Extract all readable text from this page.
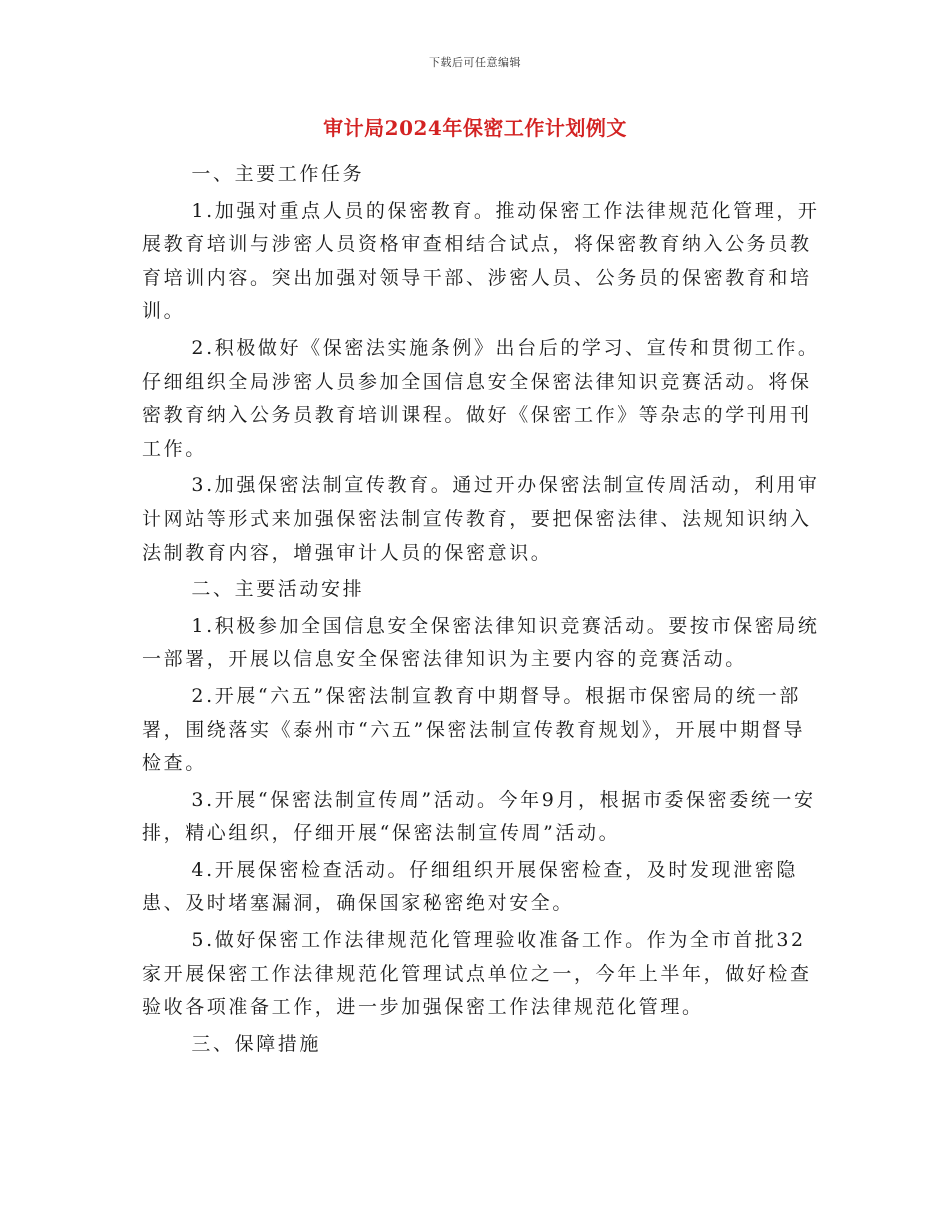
下载后可任意编辑
审计局2024年保密工作计划例文

一、主要工作任务

1.加强对重点人员的保密教育。推动保密工作法律规范化管理，开展教育培训与涉密人员资格审查相结合试点，将保密教育纳入公务员教育培训内容。突出加强对领导干部、涉密人员、公务员的保密教育和培训。

2.积极做好《保密法实施条例》出台后的学习、宣传和贯彻工作。仔细组织全局涉密人员参加全国信息安全保密法律知识竞赛活动。将保密教育纳入公务员教育培训课程。做好《保密工作》等杂志的学刊用刊工作。

3.加强保密法制宣传教育。通过开办保密法制宣传周活动，利用审计网站等形式来加强保密法制宣传教育，要把保密法律、法规知识纳入法制教育内容，增强审计人员的保密意识。

二、主要活动安排

1.积极参加全国信息安全保密法律知识竞赛活动。要按市保密局统一部署，开展以信息安全保密法律知识为主要内容的竞赛活动。

2.开展“六五”保密法制宣教育中期督导。根据市保密局的统一部署，围绕落实《泰州市“六五”保密法制宣传教育规划》，开展中期督导检查。

3.开展“保密法制宣传周”活动。今年9月，根据市委保密委统一安排，精心组织，仔细开展“保密法制宣传周”活动。

4.开展保密检查活动。仔细组织开展保密检查，及时发现泄密隐患、及时堵塞漏洞，确保国家秘密绝对安全。

5.做好保密工作法律规范化管理验收准备工作。作为全市首批32家开展保密工作法律规范化管理试点单位之一，今年上半年，做好检查验收各项准备工作，进一步加强保密工作法律规范化管理。

三、保障措施
